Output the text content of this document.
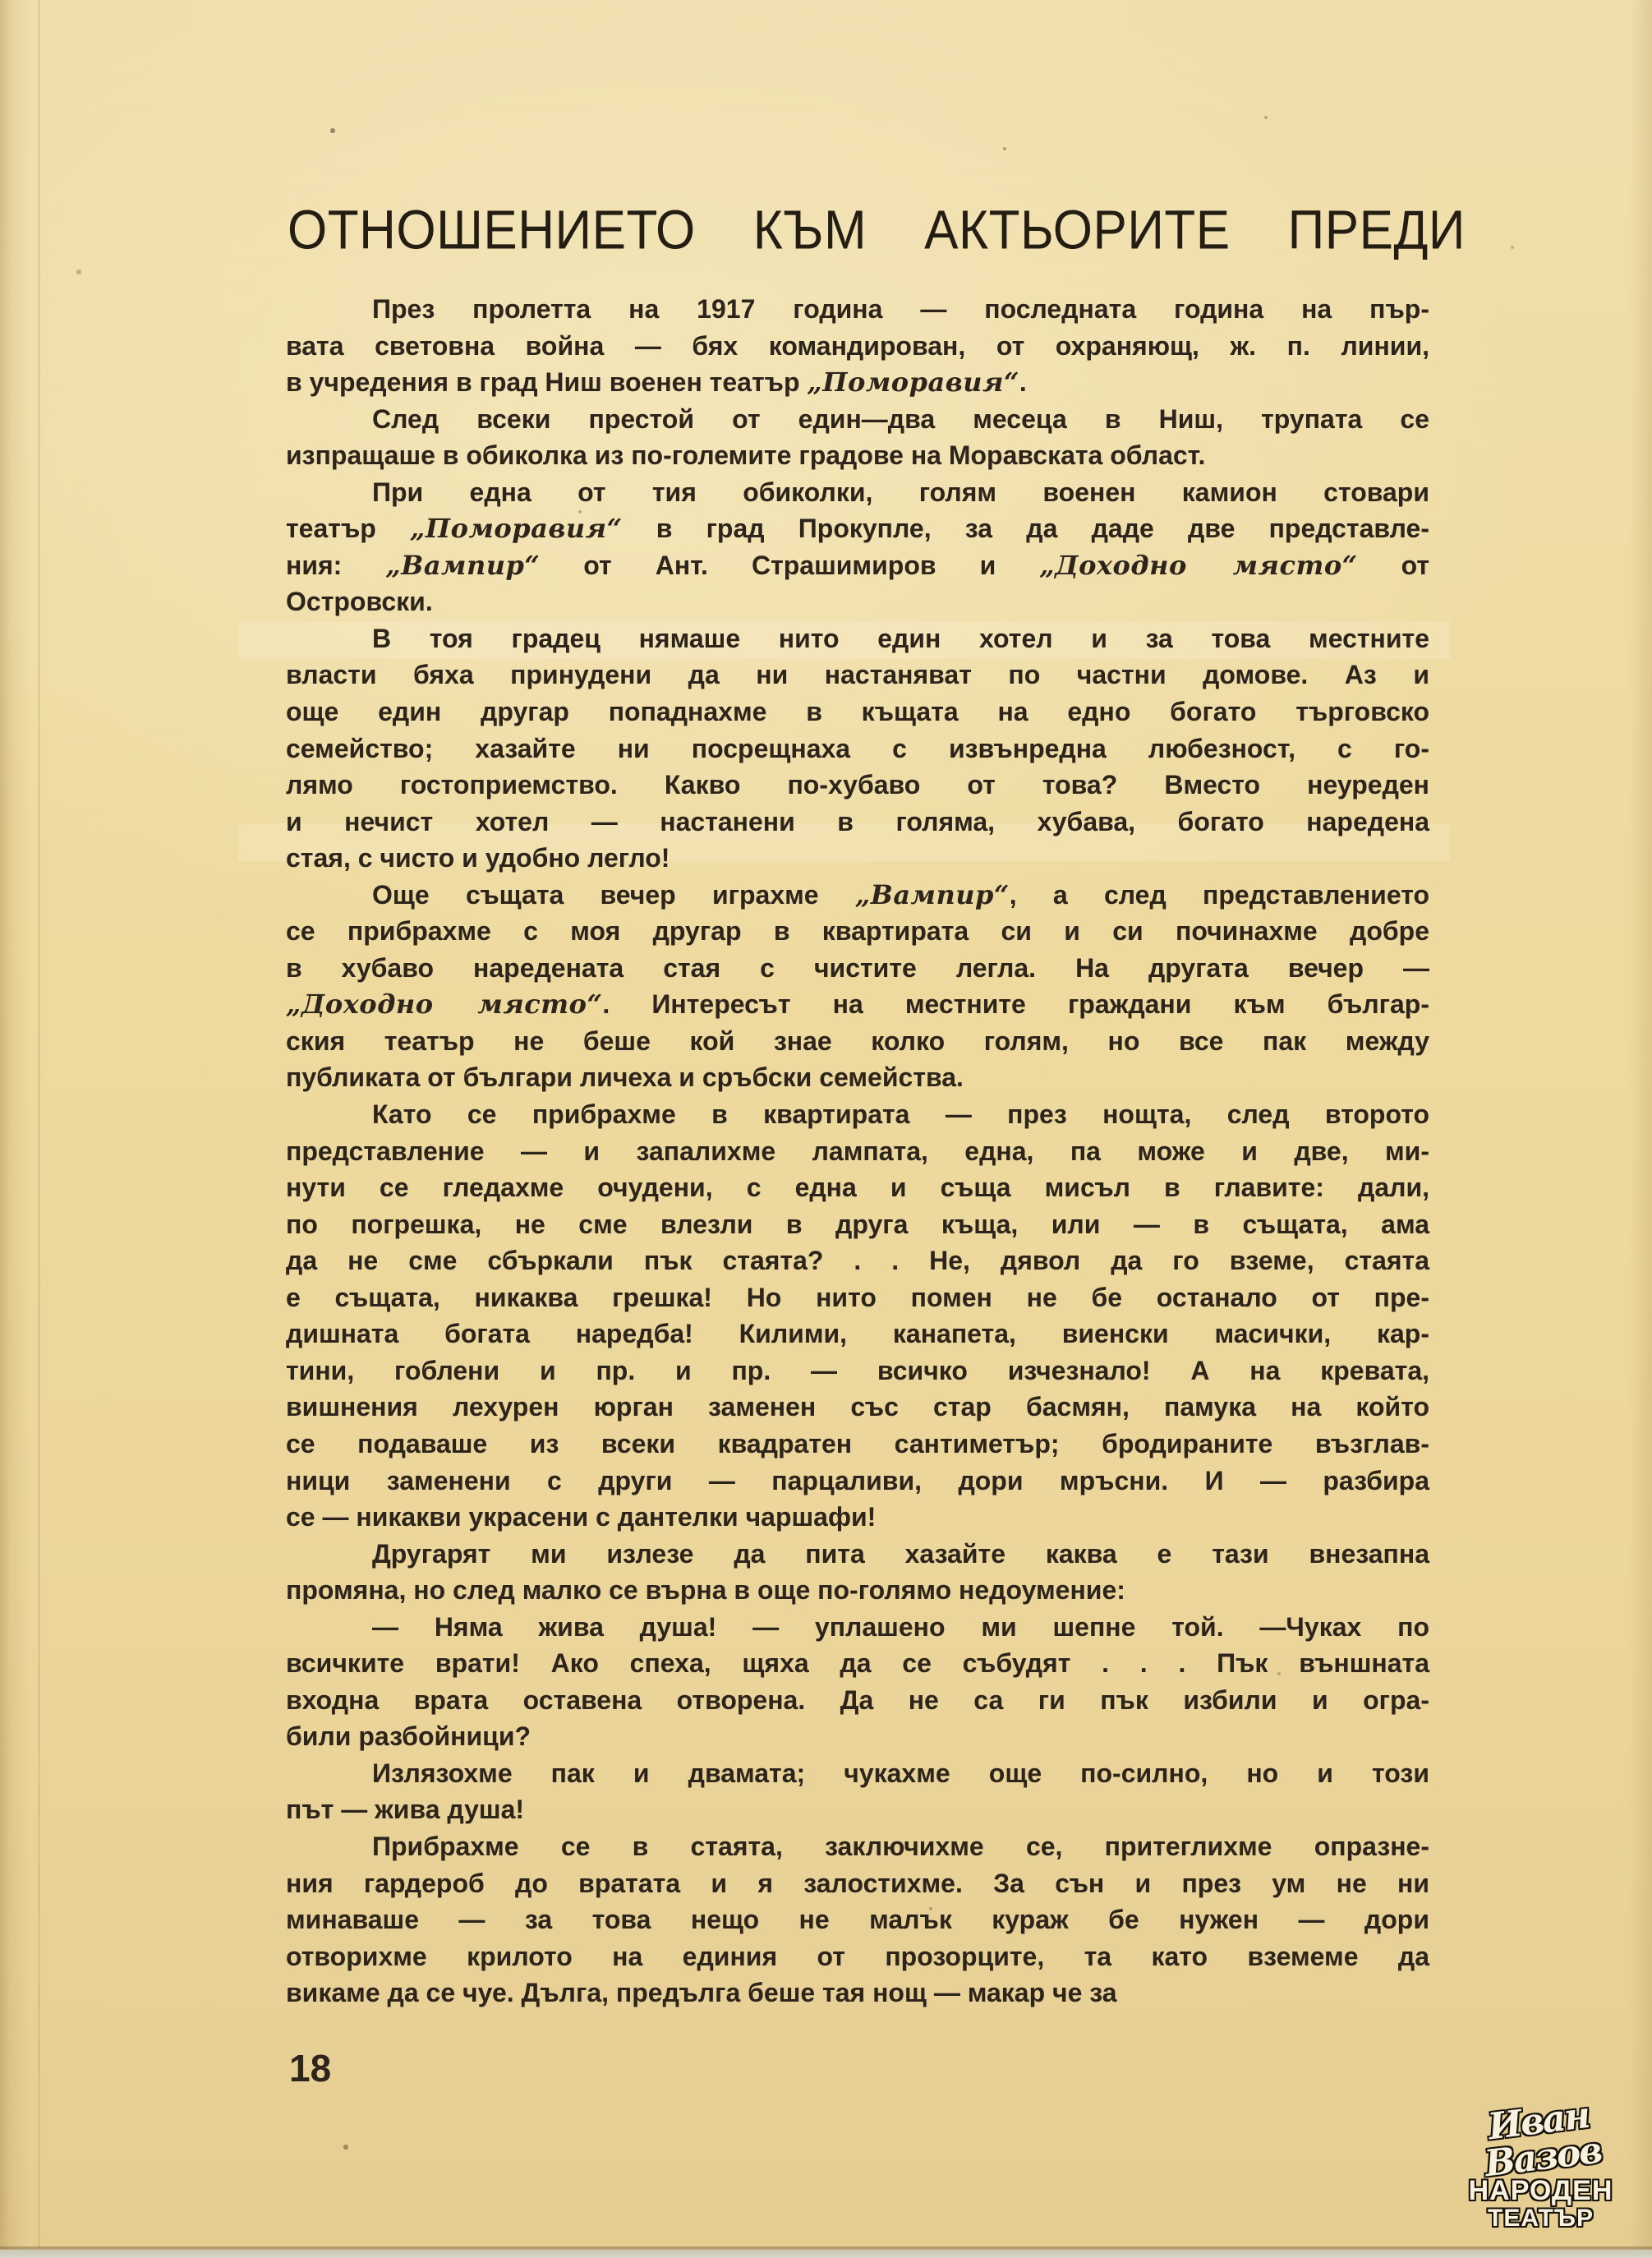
ОТНОШЕНИЕТО КЪМ АКТЬОРИТЕ ПРЕДИ
През пролетта на 1917 година — последната година на пър-
вата световна война — бях командирован, от охраняющ, ж. п. линии,
в учредения в град Ниш военен театър „Поморавия“.
След всеки престой от един—два месеца в Ниш, трупата се
изпращаше в обиколка из по-големите градове на Моравската област.
При една от тия обиколки, голям военен камион стовари
театър „Поморавия“ в град Прокупле, за да даде две представле-
ния: „Вампир“ от Ант. Страшимиров и „Доходно място“ от
Островски.
В тоя градец нямаше нито един хотел и за това местните
власти бяха принудени да ни настаняват по частни домове. Аз и
още един другар попаднахме в къщата на едно богато търговско
семейство; хазайте ни посрещнаха с извънредна любезност, с го-
лямо гостоприемство. Какво по-хубаво от това? Вместо неуреден
и нечист хотел — настанени в голяма, хубава, богато наредена
стая, с чисто и удобно легло!
Още същата вечер играхме „Вампир“, а след представлението
се прибрахме с моя другар в квартирата си и си починахме добре
в хубаво наредената стая с чистите легла. На другата вечер —
„Доходно място“. Интересът на местните граждани към българ-
ския театър не беше кой знае колко голям, но все пак между
публиката от българи личеха и сръбски семейства.
Като се прибрахме в квартирата — през нощта, след второто
представление — и запалихме лампата, една, па може и две, ми-
нути се гледахме очудени, с една и съща мисъл в главите: дали,
по погрешка, не сме влезли в друга къща, или — в същата, ама
да не сме сбъркали пък стаята? . . Не, дявол да го вземе, стаята
е същата, никаква грешка! Но нито помен не бе останало от пре-
дишната богата наредба! Килими, канапета, виенски масички, кар-
тини, гоблени и пр. и пр. — всичко изчезнало! А на кревата,
вишнения лехурен юрган заменен със стар басмян, памука на който
се подаваше из всеки квадратен сантиметър; бродираните възглав-
ници заменени с други — парцаливи, дори мръсни. И — разбира
се — никакви украсени с дантелки чаршафи!
Другарят ми излезе да пита хазайте каква е тази внезапна
промяна, но след малко се върна в още по-голямо недоумение:
— Няма жива душа! — уплашено ми шепне той. —Чуках по
всичките врати! Ако спеха, щяха да се събудят . . . Пък външната
входна врата оставена отворена. Да не са ги пък избили и огра-
били разбойници?
Излязохме пак и двамата; чукахме още по-силно, но и този
път — жива душа!
Прибрахме се в стаята, заключихме се, притеглихме опразне-
ния гардероб до вратата и я залостихме. За сън и през ум не ни
минаваше — за това нещо не малък кураж бе нужен — дори
отворихме крилото на единия от прозорците, та като вземеме да
викаме да се чуе. Дълга, предълга беше тая нощ — макар че за
18
Иван Вазов
НАРОДЕН
ТЕАТЪР
